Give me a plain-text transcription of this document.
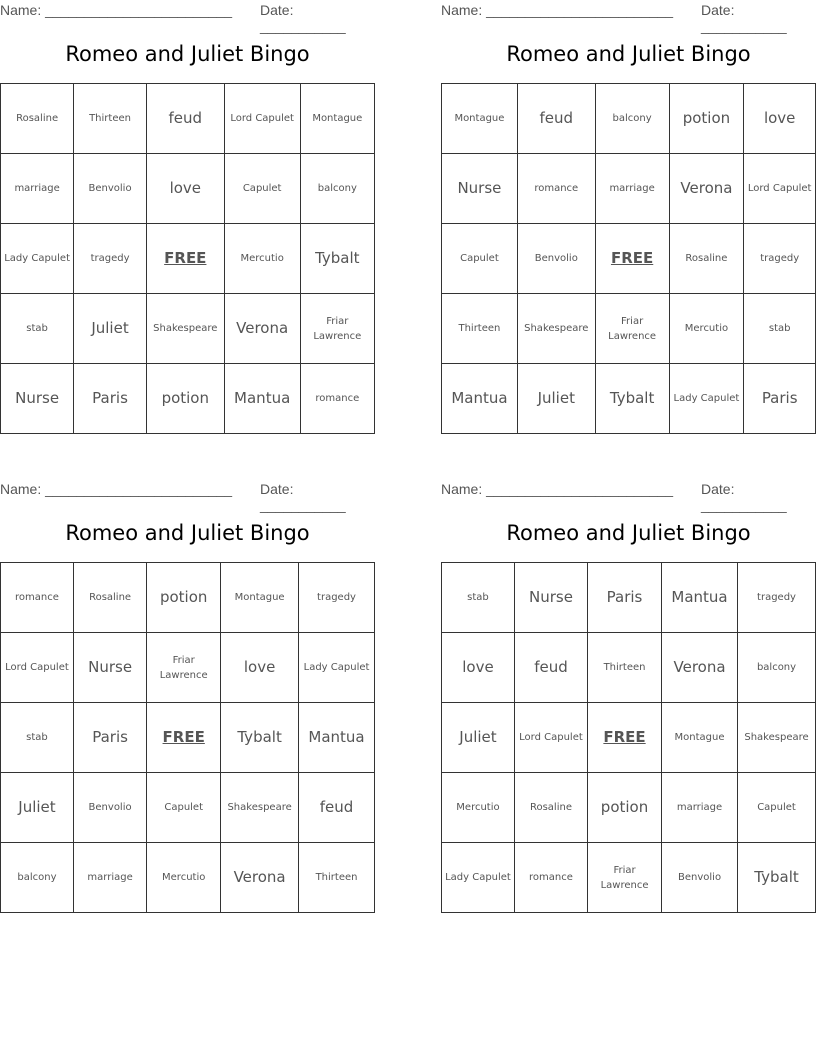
Name: ________________________ Date: ___________
Romeo and Juliet Bingo
Rosaline	Thirteen	feud	Lord Capulet	Montague
marriage	Benvolio	love	Capulet	balcony
Lady Capulet	tragedy	FREE	Mercutio	Tybalt
stab	Juliet	Shakespeare	Verona	Friar Lawrence
Nurse	Paris	potion	Mantua	romance
Name: ________________________ Date: ___________
Romeo and Juliet Bingo
Montague	feud	balcony	potion	love
Nurse	romance	marriage	Verona	Lord Capulet
Capulet	Benvolio	FREE	Rosaline	tragedy
Thirteen	Shakespeare	Friar Lawrence	Mercutio	stab
Mantua	Juliet	Tybalt	Lady Capulet	Paris
Name: ________________________ Date: ___________
Romeo and Juliet Bingo
romance	Rosaline	potion	Montague	tragedy
Lord Capulet	Nurse	Friar Lawrence	love	Lady Capulet
stab	Paris	FREE	Tybalt	Mantua
Juliet	Benvolio	Capulet	Shakespeare	feud
balcony	marriage	Mercutio	Verona	Thirteen
Name: ________________________ Date: ___________
Romeo and Juliet Bingo
stab	Nurse	Paris	Mantua	tragedy
love	feud	Thirteen	Verona	balcony
Juliet	Lord Capulet	FREE	Montague	Shakespeare
Mercutio	Rosaline	potion	marriage	Capulet
Lady Capulet	romance	Friar Lawrence	Benvolio	Tybalt
